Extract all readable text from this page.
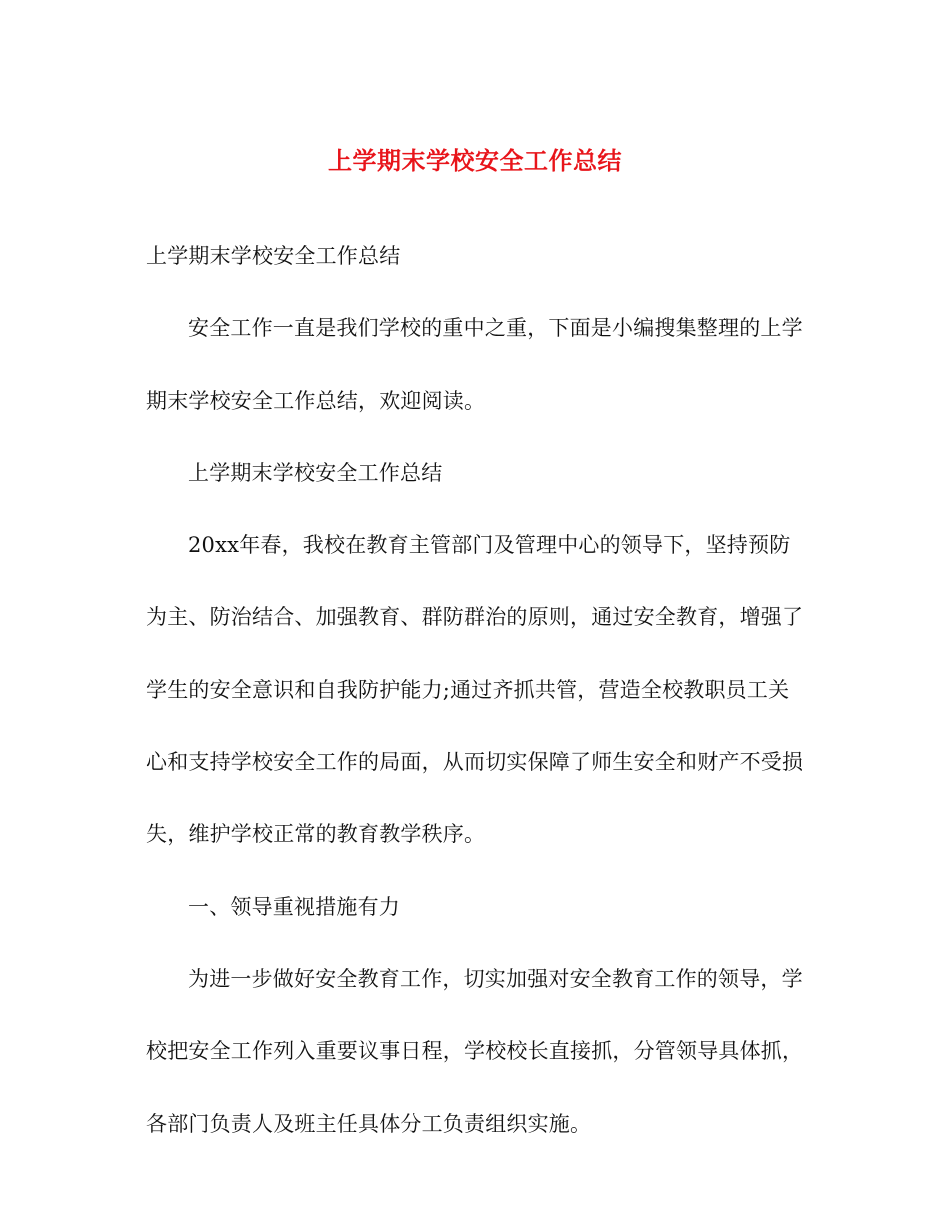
上学期末学校安全工作总结

上学期末学校安全工作总结

安全工作一直是我们学校的重中之重，下面是小编搜集整理的上学期末学校安全工作总结，欢迎阅读。

上学期末学校安全工作总结

20xx年春，我校在教育主管部门及管理中心的领导下，坚持预防为主、防治结合、加强教育、群防群治的原则，通过安全教育，增强了学生的安全意识和自我防护能力;通过齐抓共管，营造全校教职员工关心和支持学校安全工作的局面，从而切实保障了师生安全和财产不受损失，维护学校正常的教育教学秩序。

一、领导重视措施有力

为进一步做好安全教育工作，切实加强对安全教育工作的领导，学校把安全工作列入重要议事日程，学校校长直接抓，分管领导具体抓，各部门负责人及班主任具体分工负责组织实施。
